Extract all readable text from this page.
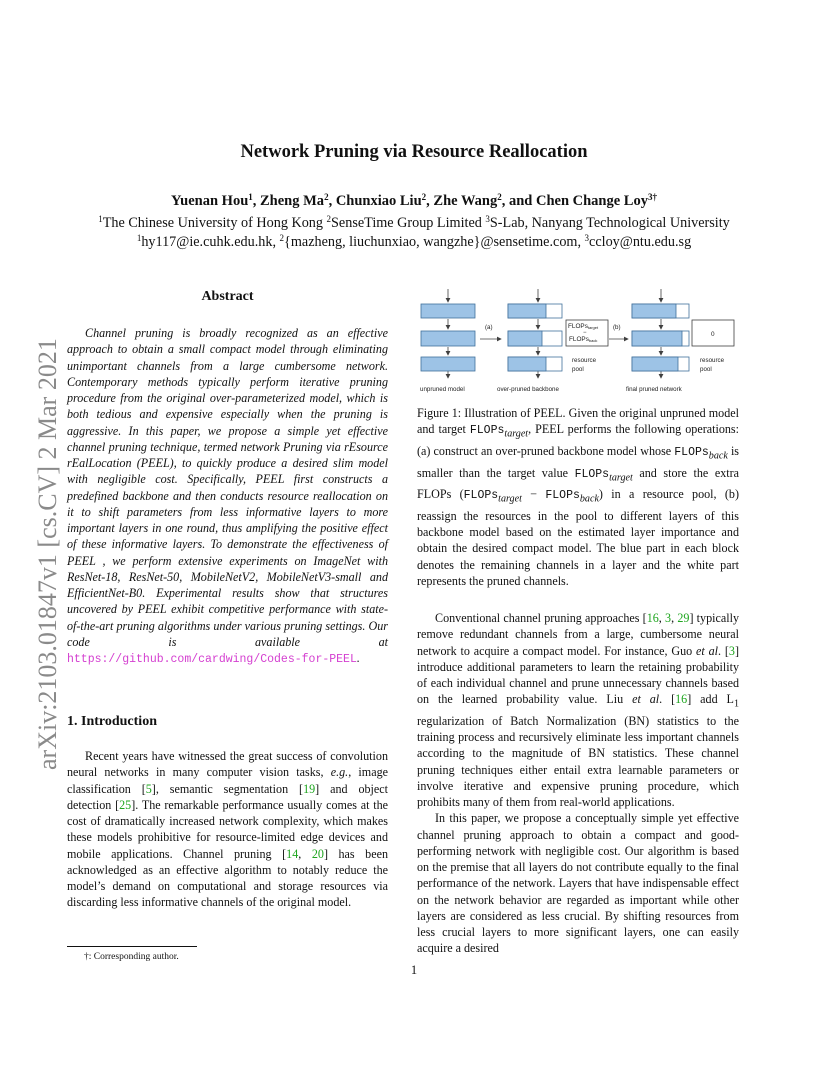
arXiv:2103.01847v1 [cs.CV] 2 Mar 2021
Network Pruning via Resource Reallocation
Yuenan Hou$^1$, Zheng Ma$^2$, Chunxiao Liu$^2$, Zhe Wang$^2$, and Chen Change Loy$^{3\dagger}$
$^1$The Chinese University of Hong Kong $^2$SenseTime Group Limited $^3$S-Lab, Nanyang Technological University
$^1$hy117@ie.cuhk.edu.hk, $^2${mazheng, liuchunxiao, wangzhe}@sensetime.com, $^3$ccloy@ntu.edu.sg
Abstract

Channel pruning is broadly recognized as an effective approach to obtain a small compact model through eliminating unimportant channels from a large cumbersome network. Contemporary methods typically perform iterative pruning procedure from the original over-parameterized model, which is both tedious and expensive especially when the pruning is aggressive. In this paper, we propose a simple yet effective channel pruning technique, termed network Pruning via rEsource rEalLocation (PEEL), to quickly produce a desired slim model with negligible cost. Specifically, PEEL first constructs a predefined backbone and then conducts resource reallocation on it to shift parameters from less informative layers to more important layers in one round, thus amplifying the positive effect of these informative layers. To demonstrate the effectiveness of PEEL , we perform extensive experiments on ImageNet with ResNet-18, ResNet-50, MobileNetV2, MobileNetV3-small and EfficientNet-B0. Experimental results show that structures uncovered by PEEL exhibit competitive performance with state-of-the-art pruning algorithms under various pruning settings. Our code is available at https://github.com/cardwing/Codes-for-PEEL.

1. Introduction

Recent years have witnessed the great success of convolution neural networks in many computer vision tasks, e.g., image classification [5], semantic segmentation [19] and object detection [25]. The remarkable performance usually comes at the cost of dramatically increased network complexity, which makes these models prohibitive for resource-limited edge devices and mobile applications. Channel pruning [14, 20] has been acknowledged as an effective algorithm to notably reduce the model’s demand on computational and storage resources via discarding less informative channels of the original model.

†: Corresponding author.
(a)	(b)
FLOPstarget
−
FLOPsback
0
resource
pool
resource
pool
unpruned model	over-pruned backbone	final pruned network

Figure 1: Illustration of PEEL. Given the original unpruned model and target FLOPs$_{target}$, PEEL performs the following operations: (a) construct an over-pruned backbone model whose FLOPs$_{back}$ is smaller than the target value FLOPs$_{target}$ and store the extra FLOPs (FLOPs$_{target}$ − FLOPs$_{back}$) in a resource pool, (b) reassign the resources in the pool to different layers of this backbone model based on the estimated layer importance and obtain the desired compact model. The blue part in each block denotes the remaining channels in a layer and the white part represents the pruned channels.

Conventional channel pruning approaches [16, 3, 29] typically remove redundant channels from a large, cumbersome neural network to acquire a compact model. For instance, Guo et al. [3] introduce additional parameters to learn the retaining probability of each individual channel and prune unnecessary channels based on the learned probability value. Liu et al. [16] add $L_1$ regularization of Batch Normalization (BN) statistics to the training process and recursively eliminate less important channels according to the magnitude of BN statistics. These channel pruning techniques either entail extra learnable parameters or involve iterative and expensive pruning procedure, which prohibits many of them from real-world applications.

In this paper, we propose a conceptually simple yet effective channel pruning approach to obtain a compact and good-performing network with negligible cost. Our algorithm is based on the premise that all layers do not contribute equally to the final performance of the network. Layers that have indispensable effect on the network behavior are regarded as important while other layers are considered as less crucial. By shifting resources from less crucial layers to more significant layers, one can easily acquire a desired

1
